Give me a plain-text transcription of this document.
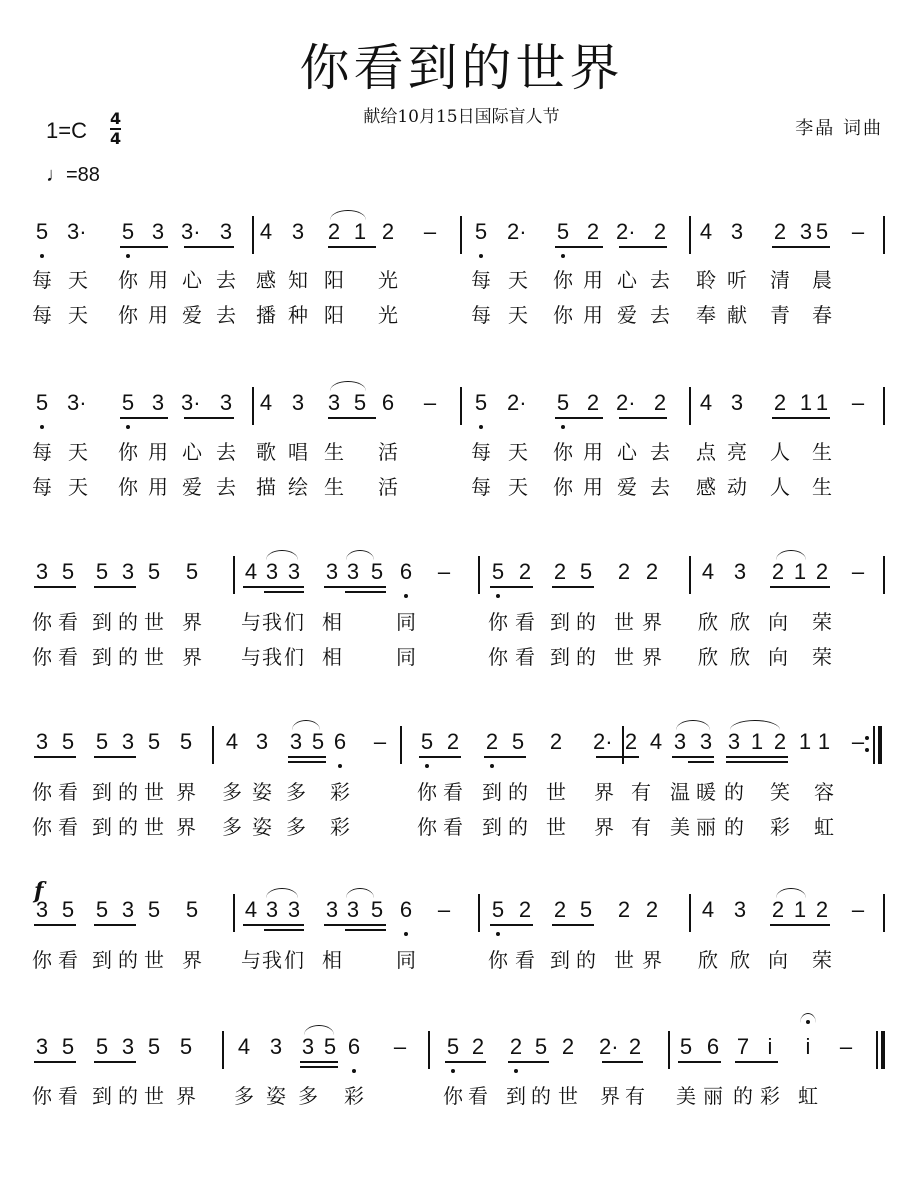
你看到的世界
献给10月15日国际盲人节
李晶 词曲
1=C 4
4
♩=88
f
5 3·	5 3 3· 3 4 3 2 1 2 – 5 2·	5 2 2· 2 4 3 2 3 5 –
每 天 你 用 心 去 感 知 阳 光	每 天 你 用 心 去 聆 听 清 晨
每 天 你 用 爱 去 播 种 阳 光	每 天 你 用 爱 去 奉 献 青 春
5 3·	5 3 3· 3 4 3 3 5 6 – 5 2·	5 2 2· 2 4 3 2 1 1 –
每 天 你 用 心 去 歌 唱 生 活	每 天 你 用 心 去 点 亮 人 生
每 天 你 用 爱 去 描 绘 生 活	每 天 你 用 爱 去 感 动 人 生
3 5 5 3 5 5 4 3 3 3 3 5 6 – 5 2 2 5 2 2 4 3 2 1 2 –
你 看 到 的 世 界 与 我 们 相	同	你 看 到 的 世 界 欣 欣 向 荣
你 看 到 的 世 界 与 我 们 相	同	你 看 到 的 世 界 欣 欣 向 荣
3 5 5 3 5 5 4 3 3 5 6 – 5 2 2 5 2 2· 2 4 3 3 3 1 2 1 1 –
你 看 到 的 世 界 多 姿 多 彩	你 看 到 的 世 界 有 温 暖 的 笑 容
你 看 到 的 世 界 多 姿 多 彩	你 看 到 的 世 界 有 美 丽 的 彩 虹
3 5 5 3 5 5 4 3 3 3 3 5 6 – 5 2 2 5 2 2 4 3 2 1 2 –
你 看 到 的 世 界 与 我 们 相	同	你 看 到 的 世 界 欣 欣 向 荣
3 5 5 3 5 5 4 3 3 5 6 – 5 2 2 5 2 2· 2 5 6 7 i	i	–
你 看 到 的 世 界 多 姿 多 彩	你 看 到 的 世 界 有 美 丽 的 彩 虹
